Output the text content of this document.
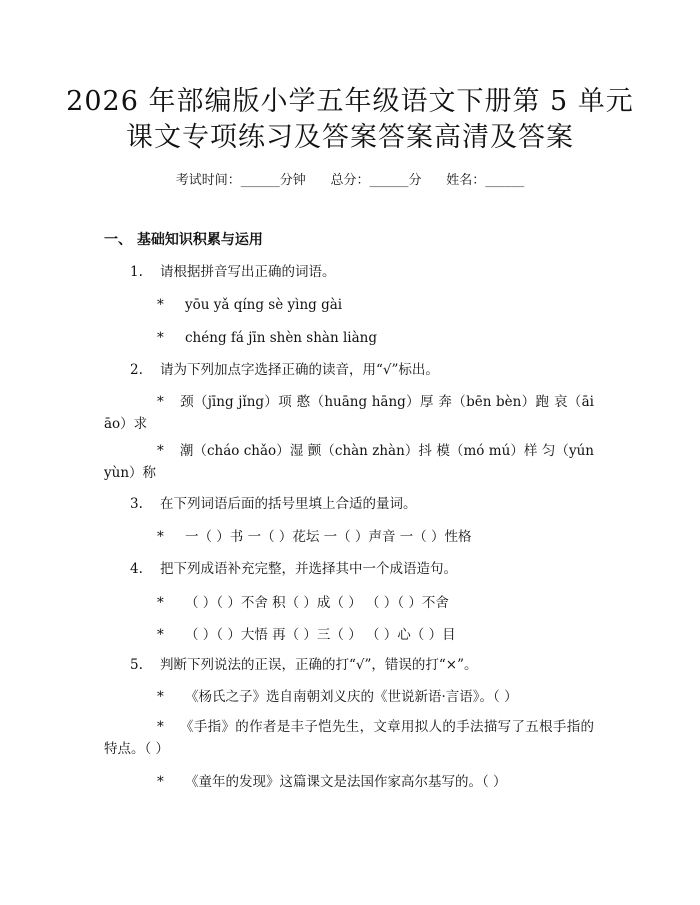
2026 年部编版小学五年级语文下册第 5 单元
课文专项练习及答案答案高清及答案
考试时间：______分钟      总分：______分      姓名：______
一、 基础知识积累与运用
1. 请根据拼音写出正确的词语。
* yōu yǎ qíng sè yìng gài
* chéng fá jīn shèn shàn liàng
2. 请为下列加点字选择正确的读音，用“√”标出。
* 颈（jīng jǐng）项 憨（huāng hāng）厚 奔（bēn bèn）跑 哀（āi āo）求
* 潮（cháo chǎo）湿 颤（chàn zhàn）抖 模（mó mú）样 匀（yún yùn）称
3. 在下列词语后面的括号里填上合适的量词。
* 一（ ）书 一（ ）花坛 一（ ）声音 一（ ）性格
4. 把下列成语补充完整，并选择其中一个成语造句。
* （ ）（ ）不舍 积（ ）成（ ） （ ）（ ）不舍
* （ ）（ ）大悟 再（ ）三（ ） （ ）心（ ）目
5. 判断下列说法的正误，正确的打“√”，错误的打“×”。
* 《杨氏之子》选自南朝刘义庆的《世说新语·言语》。（ ）
* 《手指》的作者是丰子恺先生，文章用拟人的手法描写了五根手指的特点。（ ）
* 《童年的发现》这篇课文是法国作家高尔基写的。（ ）
